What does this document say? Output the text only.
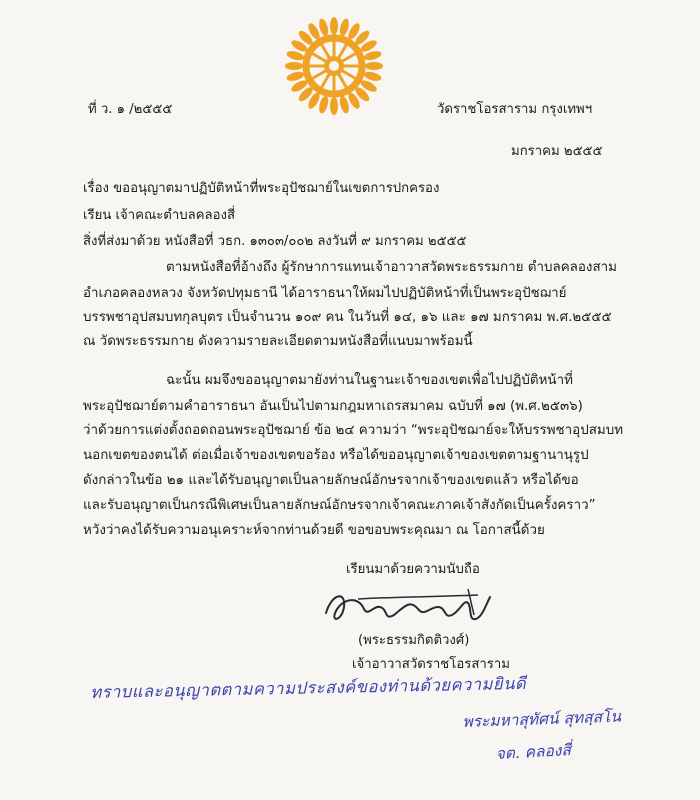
ที่ ว. ๑ /๒๕๕๕	วัดราชโอรสาราม กรุงเทพฯ
มกราคม ๒๕๕๕
เรื่อง ขออนุญาตมาปฏิบัติหน้าที่พระอุปัชฌาย์ในเขตการปกครอง
เรียน เจ้าคณะตำบลคลองสี่
สิ่งที่ส่งมาด้วย หนังสือที่ วธก. ๑๓๐๓/๐๐๒ ลงวันที่ ๙ มกราคม ๒๕๕๕
ตามหนังสือที่อ้างถึง ผู้รักษาการแทนเจ้าอาวาสวัดพระธรรมกาย ตำบลคลองสาม
อำเภอคลองหลวง จังหวัดปทุมธานี ได้อาราธนาให้ผมไปปฏิบัติหน้าที่เป็นพระอุปัชฌาย์
บรรพชาอุปสมบทกุลบุตร เป็นจำนวน ๑๐๙ คน ในวันที่ ๑๔, ๑๖ และ ๑๗ มกราคม พ.ศ.๒๕๕๕
ณ วัดพระธรรมกาย ดังความรายละเอียดตามหนังสือที่แนบมาพร้อมนี้
ฉะนั้น ผมจึงขออนุญาตมายังท่านในฐานะเจ้าของเขตเพื่อไปปฏิบัติหน้าที่
พระอุปัชฌาย์ตามคำอาราธนา อันเป็นไปตามกฎมหาเถรสมาคม ฉบับที่ ๑๗ (พ.ศ.๒๕๓๖)
ว่าด้วยการแต่งตั้งถอดถอนพระอุปัชฌาย์ ข้อ ๒๔ ความว่า “พระอุปัชฌาย์จะให้บรรพชาอุปสมบท
นอกเขตของตนได้ ต่อเมื่อเจ้าของเขตขอร้อง หรือได้ขออนุญาตเจ้าของเขตตามฐานานุรูป
ดังกล่าวในข้อ ๒๑ และได้รับอนุญาตเป็นลายลักษณ์อักษรจากเจ้าของเขตแล้ว หรือได้ขอ
และรับอนุญาตเป็นกรณีพิเศษเป็นลายลักษณ์อักษรจากเจ้าคณะภาคเจ้าสังกัดเป็นครั้งคราว”
หวังว่าคงได้รับความอนุเคราะห์จากท่านด้วยดี ขอขอบพระคุณมา ณ โอกาสนี้ด้วย
เรียนมาด้วยความนับถือ
(พระธรรมกิตติวงศ์)
เจ้าอาวาสวัดราชโอรสาราม
ทราบและอนุญาตตามความประสงค์ของท่านด้วยความยินดี
พระมหาสุทัศน์ สุทสฺสโน
จต. คลองสี่
